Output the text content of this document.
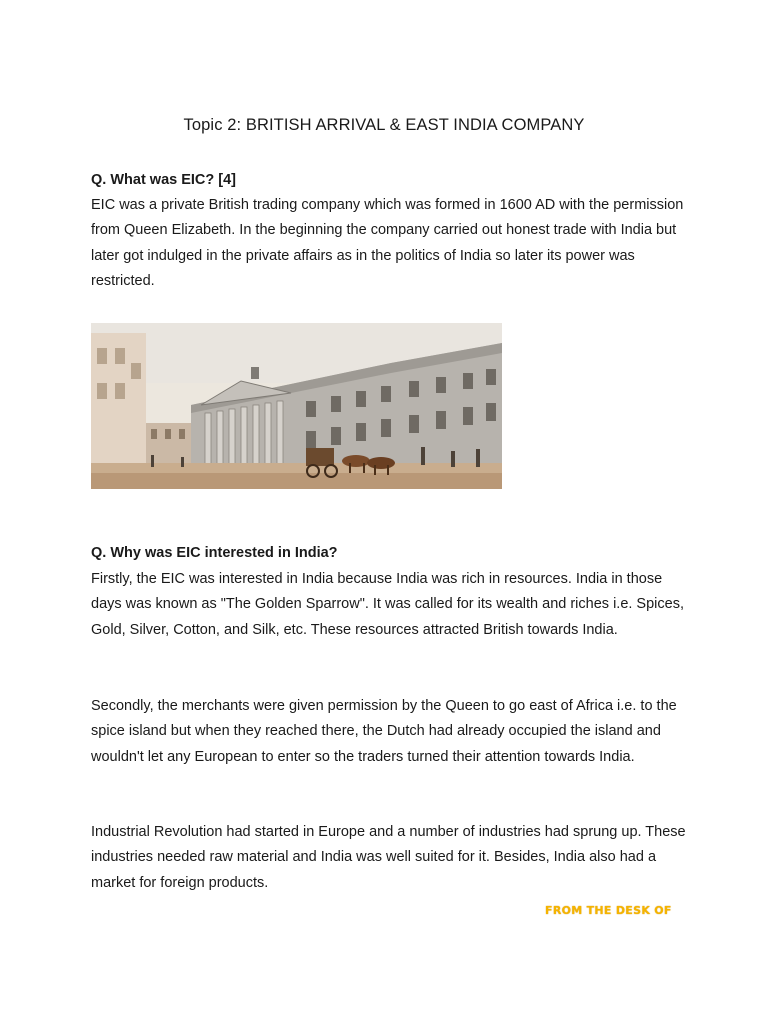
Topic 2: BRITISH ARRIVAL & EAST INDIA COMPANY
Q. What was EIC? [4]

EIC was a private British trading company which was formed in 1600 AD with the permission from Queen Elizabeth. In the beginning the company carried out honest trade with India but later got indulged in the private affairs as in the politics of India so later its power was restricted.

Q. Why was EIC interested in India?

Firstly, the EIC was interested in India because India was rich in resources. India in those days was known as "The Golden Sparrow". It was called for its wealth and riches i.e. Spices, Gold, Silver, Cotton, and Silk, etc. These resources attracted British towards India.

Secondly, the merchants were given permission by the Queen to go east of Africa i.e. to the spice island but when they reached there, the Dutch had already occupied the island and wouldn't let any European to enter so the traders turned their attention towards India.

Industrial Revolution had started in Europe and a number of industries had sprung up. These industries needed raw material and India was well suited for it. Besides, India also had a market for foreign products.

FROM THE DESK OF
